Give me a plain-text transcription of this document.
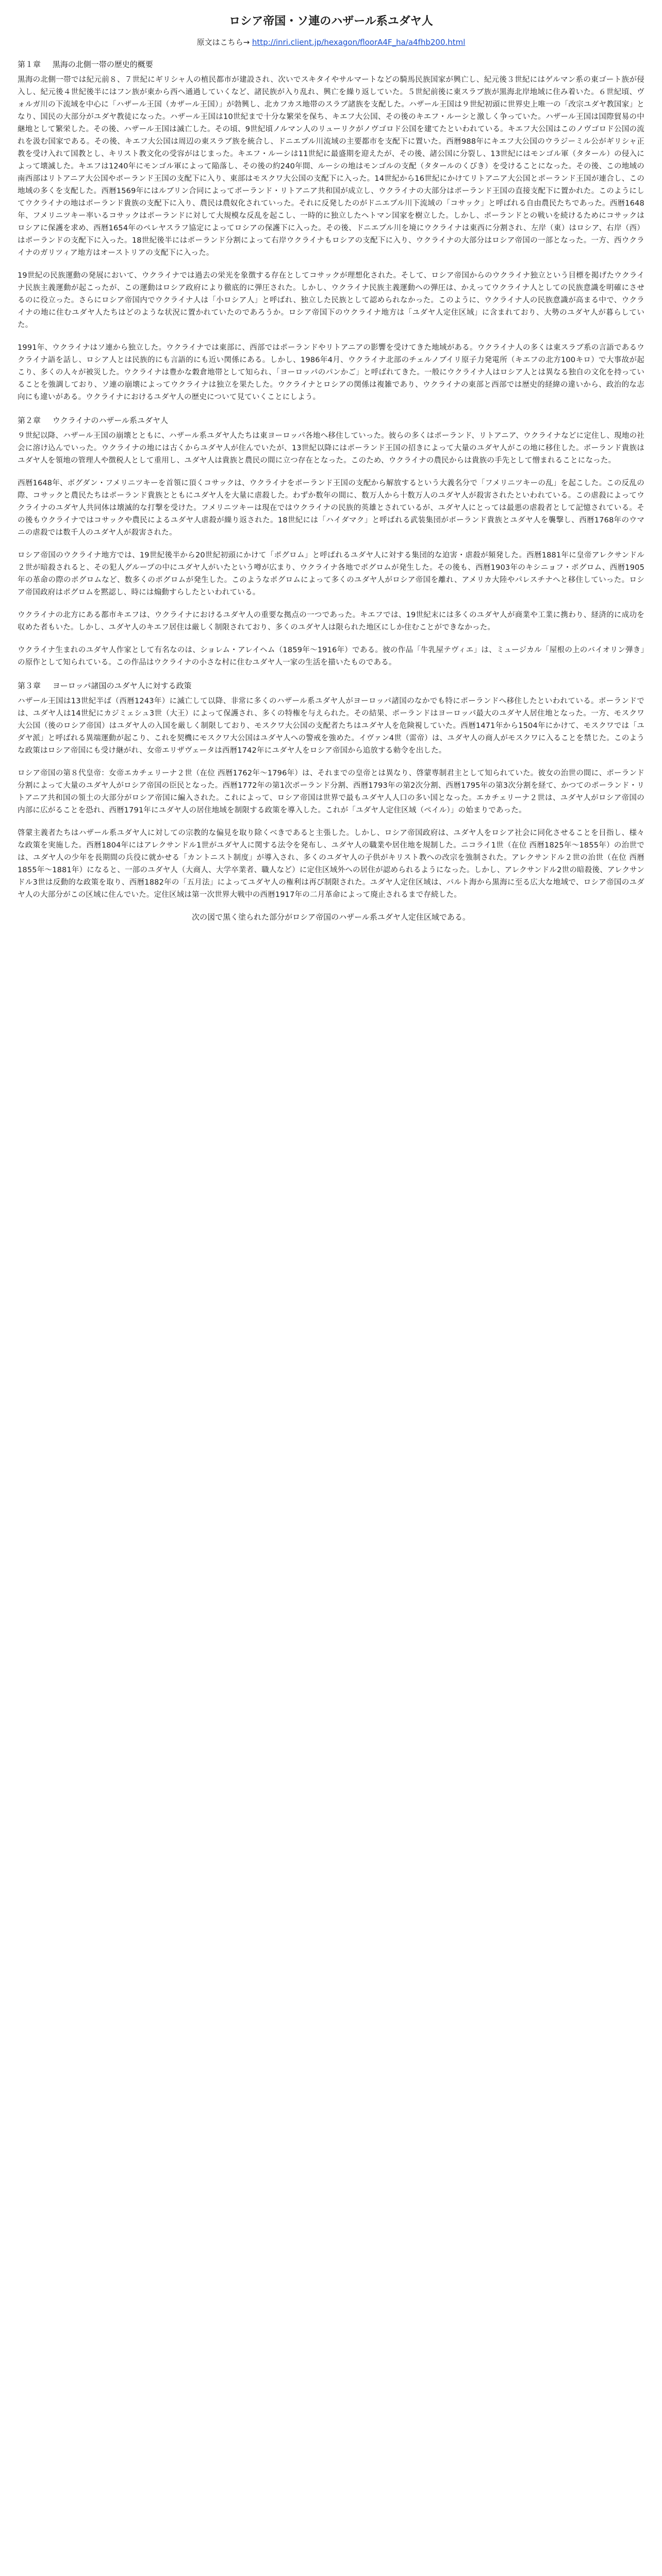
ロシア帝国・ソ連のハザール系ユダヤ人
原文はこちら→ http://inri.client.jp/hexagon/floorA4F_ha/a4fhb200.html
第１章 黒海の北側一帯の歴史的概要

黒海の北側一帯では紀元前８、７世紀にギリシャ人の植民都市が建設され、次いでスキタイやサルマートなどの騎馬民族国家が興亡し、紀元後３世紀にはゲルマン系の東ゴート族が侵入し、紀元後４世紀後半にはフン族が東から西へ通過していくなど、諸民族が入り乱れ、興亡を繰り返していた。５世紀前後に東スラブ族が黒海北岸地域に住み着いた。６世紀頃、ヴォルガ川の下流域を中心に「ハザール王国（カザール王国）」が勃興し、北カフカス地帯のスラブ諸族を支配した。ハザール王国は９世紀初頭に世界史上唯一の「改宗ユダヤ教国家」となり、国民の大部分がユダヤ教徒になった。ハザール王国は10世紀まで十分な繁栄を保ち、キエフ大公国、その後のキエフ・ルーシと激しく争っていた。ハザール王国は国際貿易の中継地として繁栄した。その後、ハザール王国は滅亡した。その頃、9世紀頃ノルマン人のリューリクがノヴゴロド公国を建てたといわれている。キエフ大公国はこのノヴゴロド公国の流れを汲む国家である。その後、キエフ大公国は周辺の東スラブ族を統合し、ドニエプル川流域の主要都市を支配下に置いた。西暦988年にキエフ大公国のウラジーミル公がギリシャ正教を受け入れて国教とし、キリスト教文化の受容がはじまった。キエフ・ルーシは11世紀に最盛期を迎えたが、その後、諸公国に分裂し、13世紀にはモンゴル軍（タタール）の侵入によって壊滅した。キエフは1240年にモンゴル軍によって陥落し、その後の約240年間、ルーシの地はモンゴルの支配（タタールのくびき）を受けることになった。その後、この地域の南西部はリトアニア大公国やポーランド王国の支配下に入り、東部はモスクワ大公国の支配下に入った。14世紀から16世紀にかけてリトアニア大公国とポーランド王国が連合し、この地域の多くを支配した。西暦1569年にはルブリン合同によってポーランド・リトアニア共和国が成立し、ウクライナの大部分はポーランド王国の直接支配下に置かれた。このようにしてウクライナの地はポーランド貴族の支配下に入り、農民は農奴化されていった。それに反発したのがドニエプル川下流域の「コサック」と呼ばれる自由農民たちであった。西暦1648年、フメリニツキー率いるコサックはポーランドに対して大規模な反乱を起こし、一時的に独立したヘトマン国家を樹立した。しかし、ポーランドとの戦いを続けるためにコサックはロシアに保護を求め、西暦1654年のペレヤスラフ協定によってロシアの保護下に入った。その後、ドニエプル川を境にウクライナは東西に分割され、左岸（東）はロシア、右岸（西）はポーランドの支配下に入った。18世紀後半にはポーランド分割によって右岸ウクライナもロシアの支配下に入り、ウクライナの大部分はロシア帝国の一部となった。一方、西ウクライナのガリツィア地方はオーストリアの支配下に入った。

19世紀の民族運動の発展において、ウクライナでは過去の栄光を象徴する存在としてコサックが理想化された。そして、ロシア帝国からのウクライナ独立という目標を掲げたウクライナ民族主義運動が起こったが、この運動はロシア政府により徹底的に弾圧された。しかし、ウクライナ民族主義運動への弾圧は、かえってウクライナ人としての民族意識を明確にさせるのに役立った。さらにロシア帝国内でウクライナ人は「小ロシア人」と呼ばれ、独立した民族として認められなかった。このように、ウクライナ人の民族意識が高まる中で、ウクライナの地に住むユダヤ人たちはどのような状況に置かれていたのであろうか。ロシア帝国下のウクライナ地方は「ユダヤ人定住区域」に含まれており、大勢のユダヤ人が暮らしていた。

1991年、ウクライナはソ連から独立した。ウクライナでは東部に、西部ではポーランドやリトアニアの影響を受けてきた地域がある。ウクライナ人の多くは東スラブ系の言語であるウクライナ語を話し、ロシア人とは民族的にも言語的にも近い関係にある。しかし、1986年4月、ウクライナ北部のチェルノブイリ原子力発電所（キエフの北方100キロ）で大事故が起こり、多くの人々が被災した。ウクライナは豊かな穀倉地帯として知られ、「ヨーロッパのパンかご」と呼ばれてきた。一般にウクライナ人はロシア人とは異なる独自の文化を持っていることを強調しており、ソ連の崩壊によってウクライナは独立を果たした。ウクライナとロシアの関係は複雑であり、ウクライナの東部と西部では歴史的経緯の違いから、政治的な志向にも違いがある。ウクライナにおけるユダヤ人の歴史について見ていくことにしよう。

第２章 ウクライナのハザール系ユダヤ人

９世紀以降、ハザール王国の崩壊とともに、ハザール系ユダヤ人たちは東ヨーロッパ各地へ移住していった。彼らの多くはポーランド、リトアニア、ウクライナなどに定住し、現地の社会に溶け込んでいった。ウクライナの地には古くからユダヤ人が住んでいたが、13世紀以降にはポーランド王国の招きによって大量のユダヤ人がこの地に移住した。ポーランド貴族はユダヤ人を領地の管理人や徴税人として重用し、ユダヤ人は貴族と農民の間に立つ存在となった。このため、ウクライナの農民からは貴族の手先として憎まれることになった。

西暦1648年、ボグダン・フメリニツキーを首領に頂くコサックは、ウクライナをポーランド王国の支配から解放するという大義名分で「フメリニツキーの乱」を起こした。この反乱の際、コサックと農民たちはポーランド貴族とともにユダヤ人を大量に虐殺した。わずか数年の間に、数万人から十数万人のユダヤ人が殺害されたといわれている。この虐殺によってウクライナのユダヤ人共同体は壊滅的な打撃を受けた。フメリニツキーは現在ではウクライナの民族的英雄とされているが、ユダヤ人にとっては最悪の虐殺者として記憶されている。その後もウクライナではコサックや農民によるユダヤ人虐殺が繰り返された。18世紀には「ハイダマク」と呼ばれる武装集団がポーランド貴族とユダヤ人を襲撃し、西暦1768年のウマニの虐殺では数千人のユダヤ人が殺害された。

ロシア帝国のウクライナ地方では、19世紀後半から20世紀初頭にかけて「ポグロム」と呼ばれるユダヤ人に対する集団的な迫害・虐殺が頻発した。西暦1881年に皇帝アレクサンドル２世が暗殺されると、その犯人グループの中にユダヤ人がいたという噂が広まり、ウクライナ各地でポグロムが発生した。その後も、西暦1903年のキシニョフ・ポグロム、西暦1905年の革命の際のポグロムなど、数多くのポグロムが発生した。このようなポグロムによって多くのユダヤ人がロシア帝国を離れ、アメリカ大陸やパレスチナへと移住していった。ロシア帝国政府はポグロムを黙認し、時には煽動すらしたといわれている。

ウクライナの北方にある都市キエフは、ウクライナにおけるユダヤ人の重要な拠点の一つであった。キエフでは、19世紀末には多くのユダヤ人が商業や工業に携わり、経済的に成功を収めた者もいた。しかし、ユダヤ人のキエフ居住は厳しく制限されており、多くのユダヤ人は限られた地区にしか住むことができなかった。

ウクライナ生まれのユダヤ人作家として有名なのは、ショレム・アレイヘム（1859年〜1916年）である。彼の作品「牛乳屋テヴィエ」は、ミュージカル「屋根の上のバイオリン弾き」の原作として知られている。この作品はウクライナの小さな村に住むユダヤ人一家の生活を描いたものである。

第３章 ヨーロッパ諸国のユダヤ人に対する政策

ハザール王国は13世紀半ば（西暦1243年）に滅亡して以降、非常に多くのハザール系ユダヤ人がヨーロッパ諸国のなかでも特にポーランドへ移住したといわれている。ポーランドでは、ユダヤ人は14世紀にカジミェシュ3世（大王）によって保護され、多くの特権を与えられた。その結果、ポーランドはヨーロッパ最大のユダヤ人居住地となった。一方、モスクワ大公国（後のロシア帝国）はユダヤ人の入国を厳しく制限しており、モスクワ大公国の支配者たちはユダヤ人を危険視していた。西暦1471年から1504年にかけて、モスクワでは「ユダヤ派」と呼ばれる異端運動が起こり、これを契機にモスクワ大公国はユダヤ人への警戒を強めた。イヴァン4世（雷帝）は、ユダヤ人の商人がモスクワに入ることを禁じた。このような政策はロシア帝国にも受け継がれ、女帝エリザヴェータは西暦1742年にユダヤ人をロシア帝国から追放する勅令を出した。

ロシア帝国の第８代皇帝：女帝エカチェリーナ２世（在位 西暦1762年〜1796年）は、それまでの皇帝とは異なり、啓蒙専制君主として知られていた。彼女の治世の間に、ポーランド分割によって大量のユダヤ人がロシア帝国の臣民となった。西暦1772年の第1次ポーランド分割、西暦1793年の第2次分割、西暦1795年の第3次分割を経て、かつてのポーランド・リトアニア共和国の領土の大部分がロシア帝国に編入された。これによって、ロシア帝国は世界で最もユダヤ人人口の多い国となった。エカチェリーナ２世は、ユダヤ人がロシア帝国の内部に広がることを恐れ、西暦1791年にユダヤ人の居住地域を制限する政策を導入した。これが「ユダヤ人定住区域（ペイル）」の始まりであった。

啓蒙主義者たちはハザール系ユダヤ人に対しての宗教的な偏見を取り除くべきであると主張した。しかし、ロシア帝国政府は、ユダヤ人をロシア社会に同化させることを目指し、様々な政策を実施した。西暦1804年にはアレクサンドル1世がユダヤ人に関する法令を発布し、ユダヤ人の職業や居住地を規制した。ニコライ1世（在位 西暦1825年〜1855年）の治世では、ユダヤ人の少年を長期間の兵役に就かせる「カントニスト制度」が導入され、多くのユダヤ人の子供がキリスト教への改宗を強制された。アレクサンドル２世の治世（在位 西暦1855年〜1881年）になると、一部のユダヤ人（大商人、大学卒業者、職人など）に定住区域外への居住が認められるようになった。しかし、アレクサンドル2世の暗殺後、アレクサンドル3世は反動的な政策を取り、西暦1882年の「五月法」によってユダヤ人の権利は再び制限された。ユダヤ人定住区域は、バルト海から黒海に至る広大な地域で、ロシア帝国のユダヤ人の大部分がこの区域に住んでいた。定住区域は第一次世界大戦中の西暦1917年の二月革命によって廃止されるまで存続した。

次の図で黒く塗られた部分がロシア帝国のハザール系ユダヤ人定住区域である。
